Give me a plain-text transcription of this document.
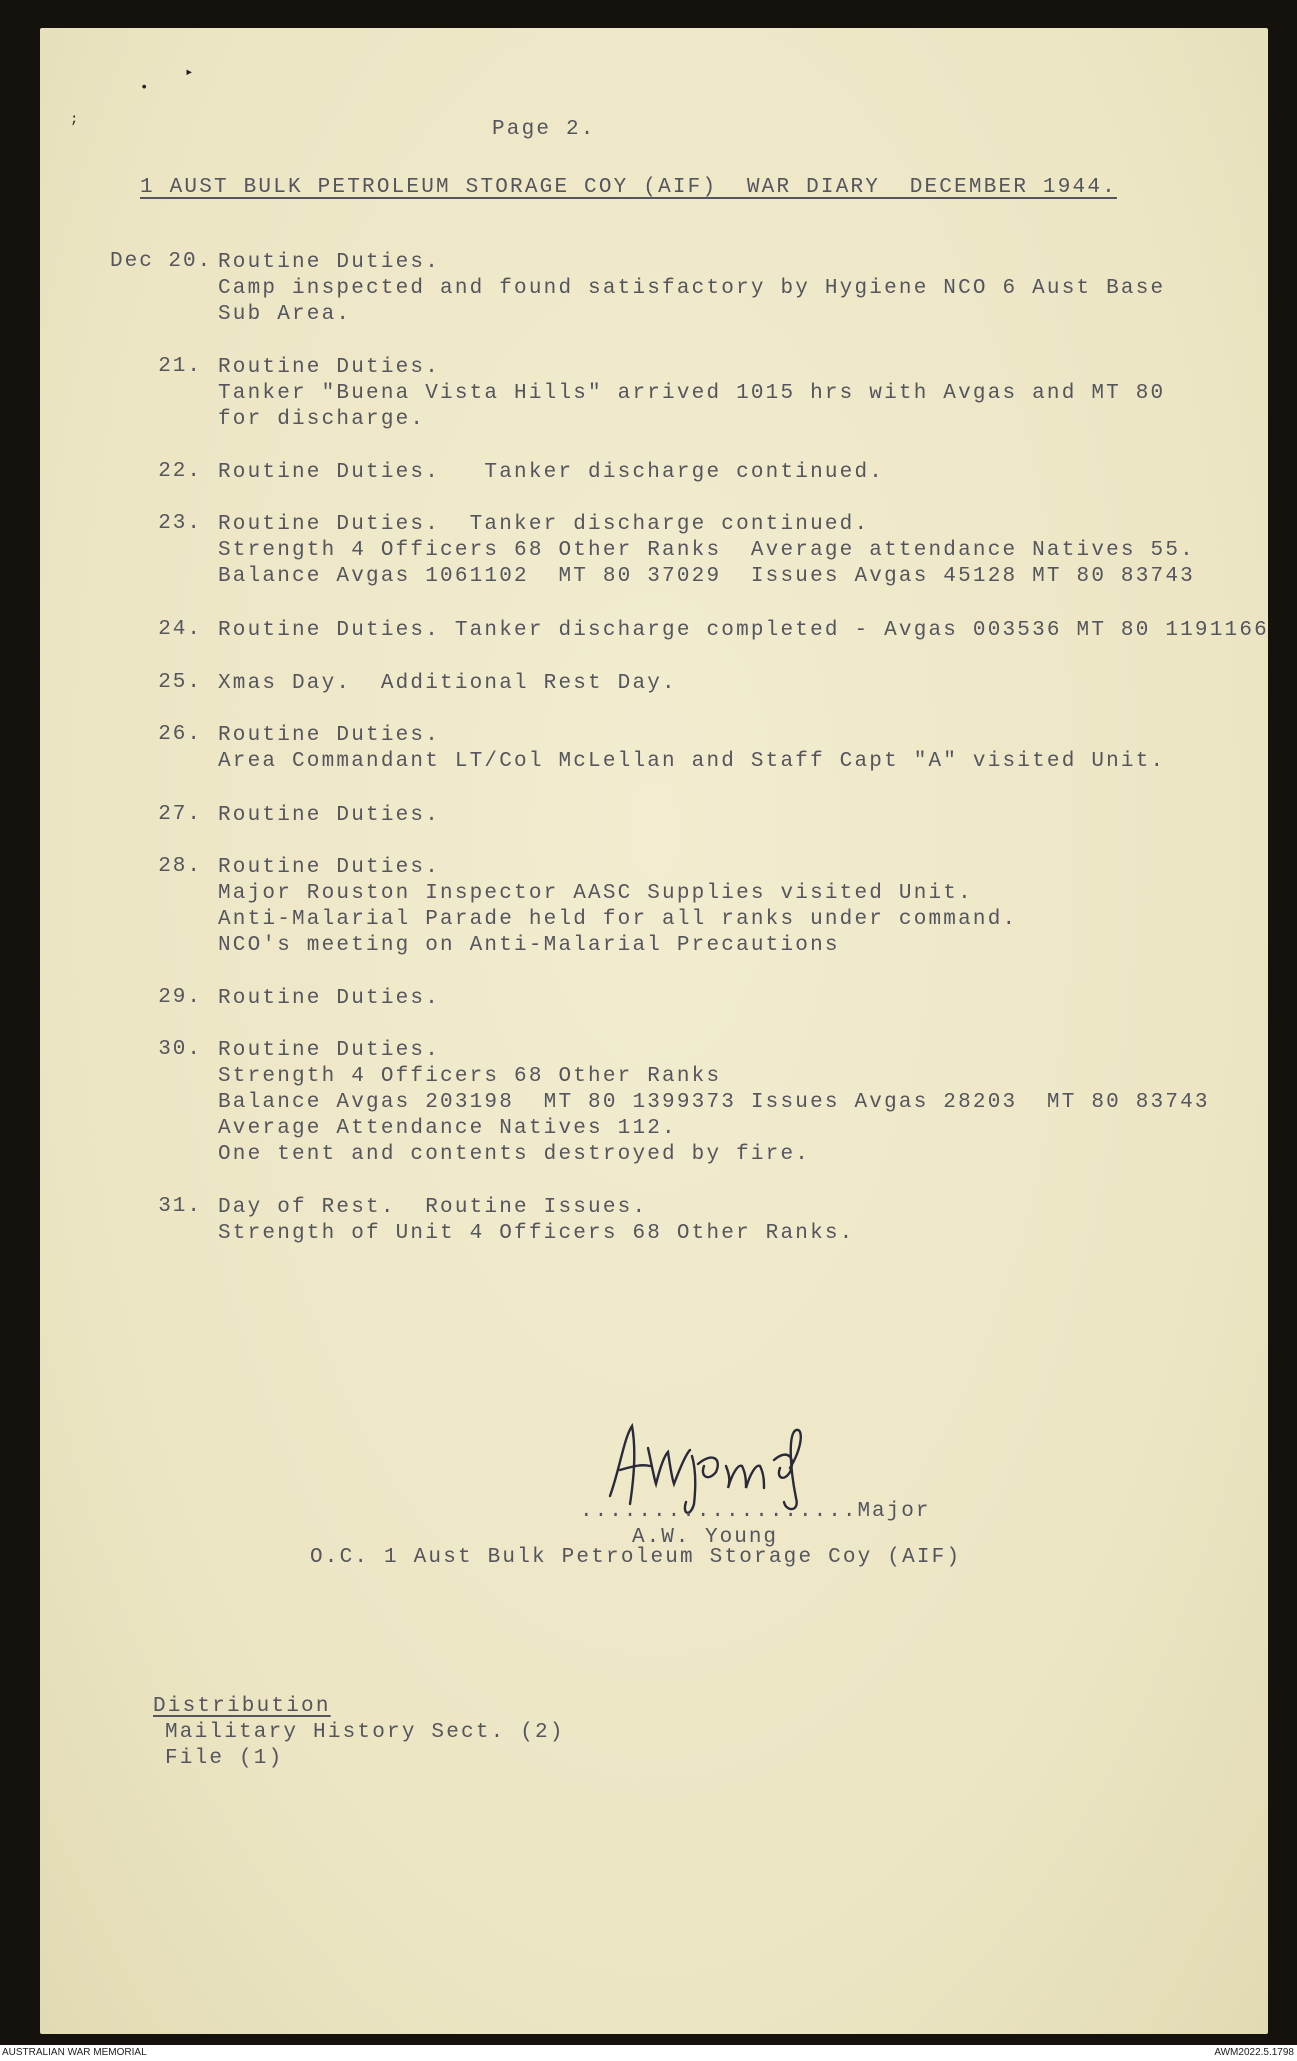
•
▸
;	Page 2.
1 AUST BULK PETROLEUM STORAGE COY (AIF)  WAR DIARY  DECEMBER 1944.
Dec 20. Routine Duties.
Camp inspected and found satisfactory by Hygiene NCO 6 Aust Base
Sub Area.
21. Routine Duties.
Tanker "Buena Vista Hills" arrived 1015 hrs with Avgas and MT 80
for discharge.
22. Routine Duties.   Tanker discharge continued.
23. Routine Duties.  Tanker discharge continued.
Strength 4 Officers 68 Other Ranks  Average attendance Natives 55.
Balance Avgas 1061102  MT 80 37029  Issues Avgas 45128 MT 80 83743
24. Routine Duties. Tanker discharge completed - Avgas 003536 MT 80 1191166
25. Xmas Day.  Additional Rest Day.
26. Routine Duties.
Area Commandant LT/Col McLellan and Staff Capt "A" visited Unit.
27. Routine Duties.
28. Routine Duties.
Major Rouston Inspector AASC Supplies visited Unit.
Anti-Malarial Parade held for all ranks under command.
NCO's meeting on Anti-Malarial Precautions
29. Routine Duties.
30. Routine Duties.
Strength 4 Officers 68 Other Ranks
Balance Avgas 203198  MT 80 1399373 Issues Avgas 28203  MT 80 83743
Average Attendance Natives 112.
One tent and contents destroyed by fire.
31. Day of Rest.  Routine Issues.
Strength of Unit 4 Officers 68 Other Ranks.
...................Major
A.W. Young
O.C. 1 Aust Bulk Petroleum Storage Coy (AIF)
Distribution
Mailitary History Sect. (2)
File (1)
AUSTRALIAN WAR MEMORIAL	AWM2022.5.1798
